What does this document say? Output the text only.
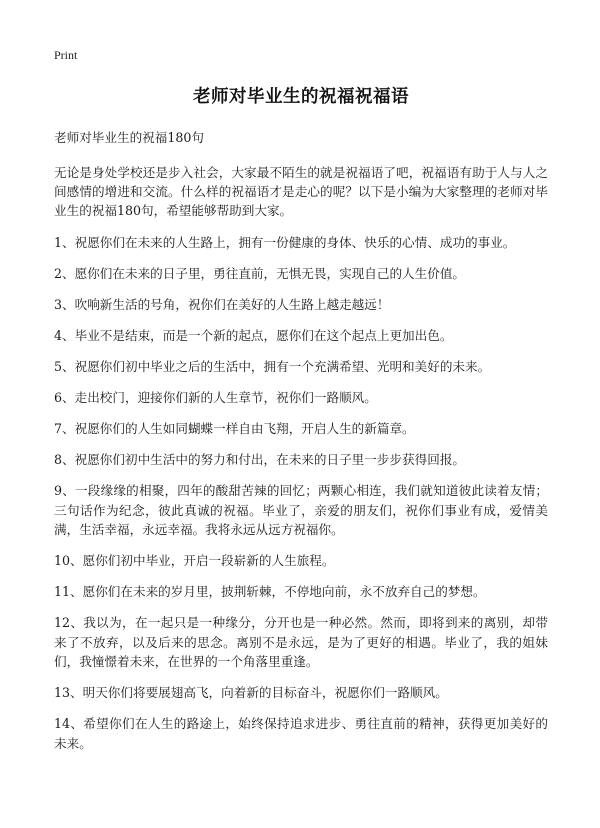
Print
老师对毕业生的祝福祝福语
老师对毕业生的祝福180句
无论是身处学校还是步入社会，大家最不陌生的就是祝福语了吧，祝福语有助于人与人之间感情的增进和交流。什么样的祝福语才是走心的呢？以下是小编为大家整理的老师对毕业生的祝福180句，希望能够帮助到大家。
1、祝愿你们在未来的人生路上，拥有一份健康的身体、快乐的心情、成功的事业。
2、愿你们在未来的日子里，勇往直前，无惧无畏，实现自己的人生价值。
3、吹响新生活的号角，祝你们在美好的人生路上越走越远！
4、毕业不是结束，而是一个新的起点，愿你们在这个起点上更加出色。
5、祝愿你们初中毕业之后的生活中，拥有一个充满希望、光明和美好的未来。
6、走出校门，迎接你们新的人生章节，祝你们一路顺风。
7、祝愿你们的人生如同蝴蝶一样自由飞翔，开启人生的新篇章。
8、祝愿你们初中生活中的努力和付出，在未来的日子里一步步获得回报。
9、一段缘缘的相聚，四年的酸甜苦辣的回忆；两颗心相连，我们就知道彼此读着友情；三句话作为纪念，彼此真诚的祝福。毕业了，亲爱的朋友们，祝你们事业有成，爱情美满，生活幸福，永远幸福。我将永远从远方祝福你。
10、愿你们初中毕业，开启一段崭新的人生旅程。
11、愿你们在未来的岁月里，披荆斩棘，不停地向前，永不放弃自己的梦想。
12、我以为，在一起只是一种缘分，分开也是一种必然。然而，即将到来的离别，却带来了不放弃，以及后来的思念。离别不是永远，是为了更好的相遇。毕业了，我的姐妹们，我憧憬着未来，在世界的一个角落里重逢。
13、明天你们将要展翅高飞，向着新的目标奋斗，祝愿你们一路顺风。
14、希望你们在人生的路途上，始终保持追求进步、勇往直前的精神，获得更加美好的未来。
